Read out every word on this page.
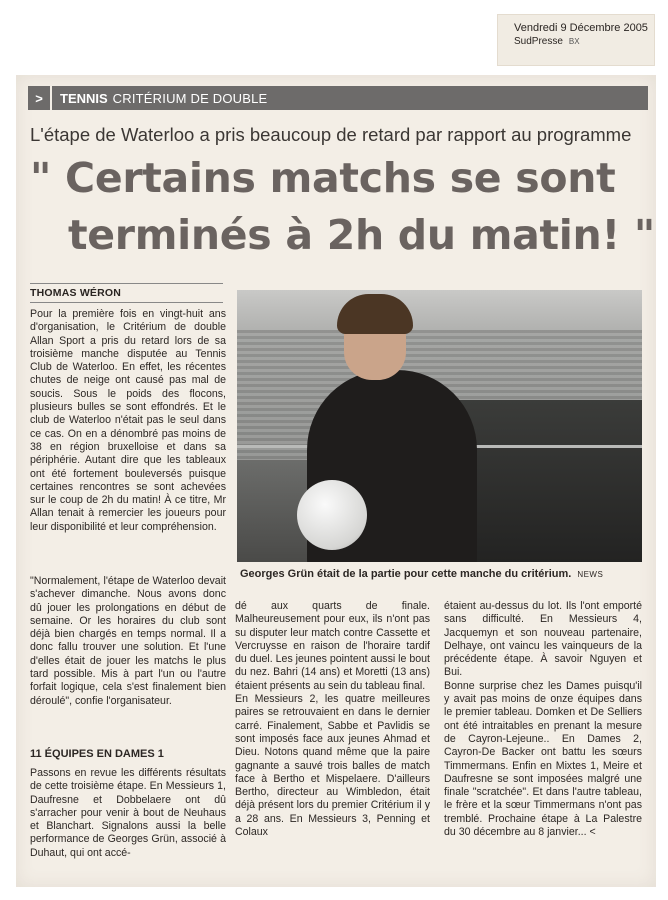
Vendredi 9 Décembre 2005
SudPresse BX
>	TENNIS CRITÉRIUM DE DOUBLE
L'étape de Waterloo a pris beaucoup de retard par rapport au programme
" Certains matchs se sont
terminés à 2h du matin! "
THOMAS WÉRON

Pour la première fois en vingt-huit ans d'organisation, le Critérium de double Allan Sport a pris du retard lors de sa troisième manche disputée au Tennis Club de Waterloo. En effet, les récentes chutes de neige ont causé pas mal de soucis. Sous le poids des flocons, plusieurs bulles se sont effondrés. Et le club de Waterloo n'était pas le seul dans ce cas. On en a dénombré pas moins de 38 en région bruxelloise et dans sa périphérie. Autant dire que les tableaux ont été fortement bouleversés puisque certaines rencontres se sont achevées sur le coup de 2h du matin! À ce titre, Mr Allan tenait à remercier les joueurs pour leur disponibilité et leur compréhension.

"Normalement, l'étape de Waterloo devait s'achever dimanche. Nous avons donc dû jouer les prolongations en début de semaine. Or les horaires du club sont déjà bien chargés en temps normal. Il a donc fallu trouver une solution. Et l'une d'elles était de jouer les matchs le plus tard possible. Mis à part l'un ou l'autre forfait logique, cela s'est finalement bien déroulé", confie l'organisateur.

11 ÉQUIPES EN DAMES 1

Passons en revue les différents résultats de cette troisième étape. En Messieurs 1, Daufresne et Dobbelaere ont dû s'arracher pour venir à bout de Neuhaus et Blanchart. Signalons aussi la belle performance de Georges Grün, associé à Duhaut, qui ont accé-

Georges Grün était de la partie pour cette manche du critérium. NEWS

dé aux quarts de finale. Malheureusement pour eux, ils n'ont pas su disputer leur match contre Cassette et Vercruysse en raison de l'horaire tardif du duel. Les jeunes pointent aussi le bout du nez. Bahri (14 ans) et Moretti (13 ans) étaient présents au sein du tableau final.

En Messieurs 2, les quatre meilleures paires se retrouvaient en dans le dernier carré. Finalement, Sabbe et Pavlidis se sont imposés face aux jeunes Ahmad et Dieu. Notons quand même que la paire gagnante a sauvé trois balles de match face à Bertho et Mispelaere. D'ailleurs Bertho, directeur au Wimbledon, était déjà présent lors du premier Critérium il y a 28 ans. En Messieurs 3, Penning et Colaux

étaient au-dessus du lot. Ils l'ont emporté sans difficulté. En Messieurs 4, Jacquemyn et son nouveau partenaire, Delhaye, ont vaincu les vainqueurs de la précédente étape. À savoir Nguyen et Bui.

Bonne surprise chez les Dames puisqu'il y avait pas moins de onze équipes dans le premier tableau. Domken et De Selliers ont été intraitables en prenant la mesure de Cayron-Lejeune.. En Dames 2, Cayron-De Backer ont battu les sœurs Timmermans. Enfin en Mixtes 1, Meire et Daufresne se sont imposées malgré une finale "scratchée". Et dans l'autre tableau, le frère et la sœur Timmermans n'ont pas tremblé. Prochaine étape à La Palestre du 30 décembre au 8 janvier... <
